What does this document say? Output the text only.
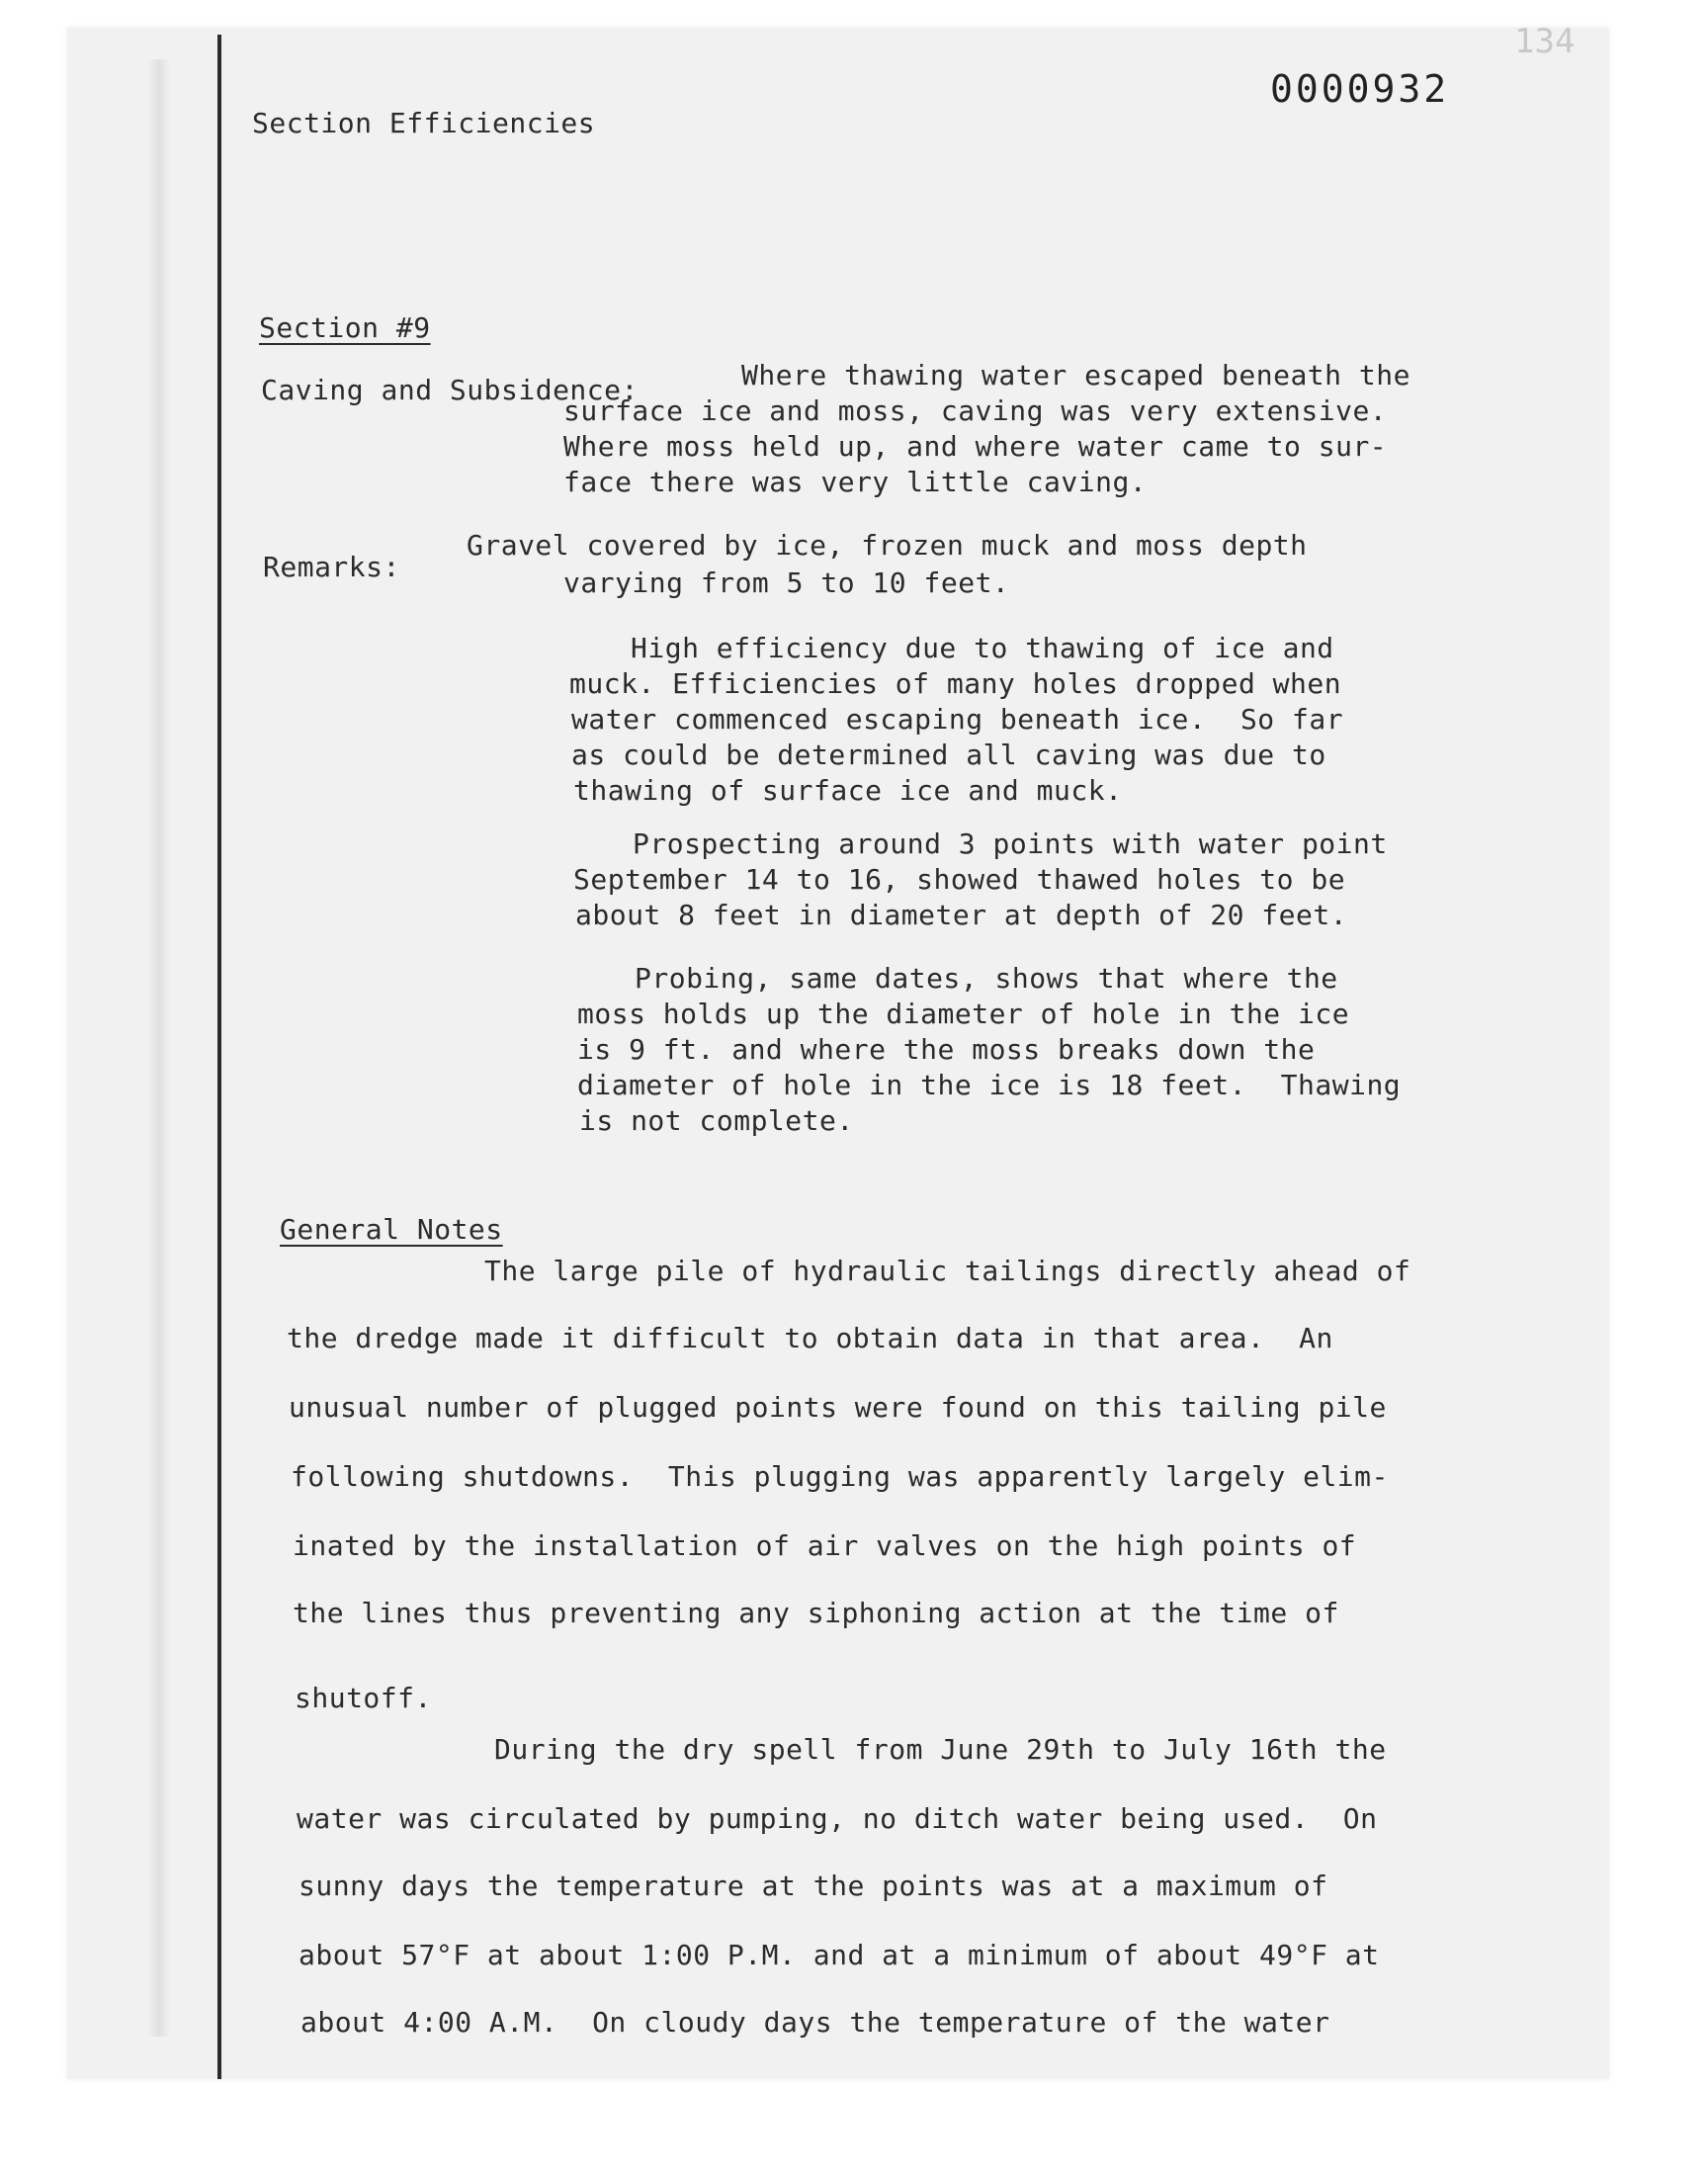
134
0000932
Section Efficiencies
Section #9
Caving and Subsidence:	Where thawing water escaped beneath the
surface ice and moss, caving was very extensive.
Where moss held up, and where water came to sur-
face there was very little caving.
Remarks:
Gravel covered by ice, frozen muck and moss depth
varying from 5 to 10 feet.
High efficiency due to thawing of ice and
muck. Efficiencies of many holes dropped when
water commenced escaping beneath ice.  So far
as could be determined all caving was due to
thawing of surface ice and muck.
Prospecting around 3 points with water point
September 14 to 16, showed thawed holes to be
about 8 feet in diameter at depth of 20 feet.
Probing, same dates, shows that where the
moss holds up the diameter of hole in the ice
is 9 ft. and where the moss breaks down the
diameter of hole in the ice is 18 feet.  Thawing
is not complete.
General Notes
The large pile of hydraulic tailings directly ahead of
the dredge made it difficult to obtain data in that area.  An
unusual number of plugged points were found on this tailing pile
following shutdowns.  This plugging was apparently largely elim-
inated by the installation of air valves on the high points of
the lines thus preventing any siphoning action at the time of
shutoff.
During the dry spell from June 29th to July 16th the
water was circulated by pumping, no ditch water being used.  On
sunny days the temperature at the points was at a maximum of
about 57°F at about 1:00 P.M. and at a minimum of about 49°F at
about 4:00 A.M.  On cloudy days the temperature of the water
